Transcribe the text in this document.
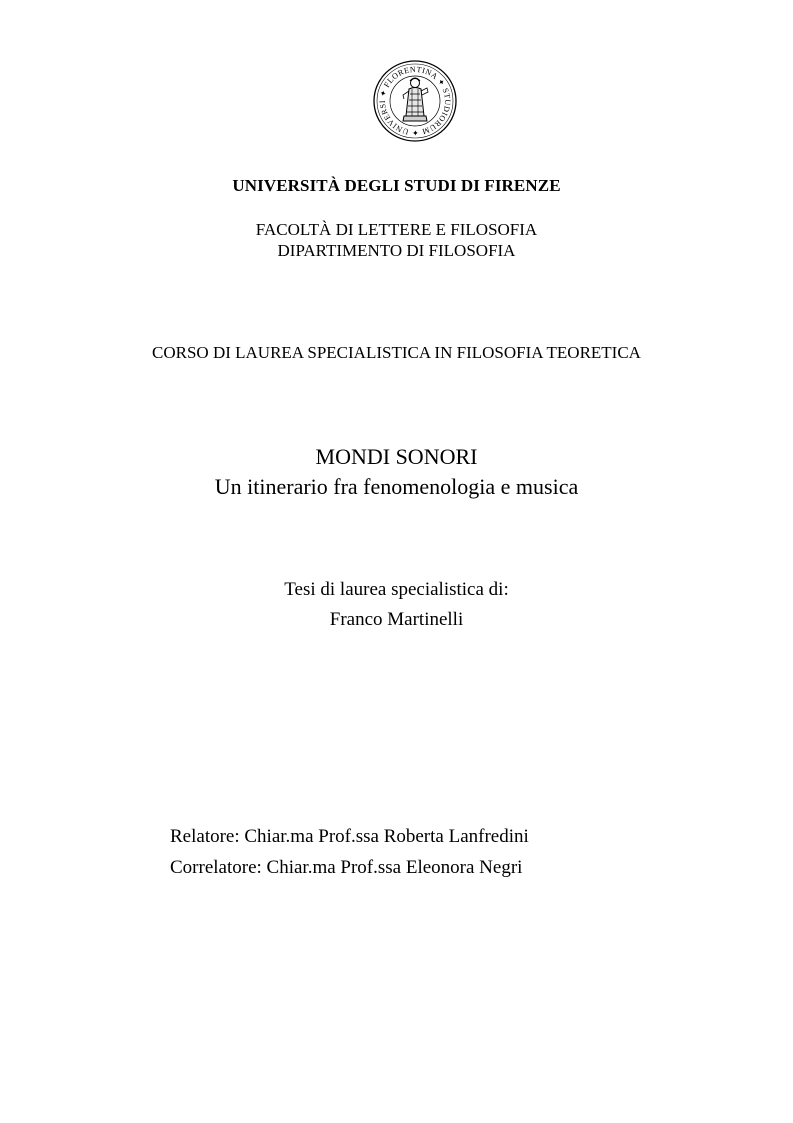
✦ FLORENTINA ✦ STUDIORUM ✦ UNIVERSI
UNIVERSITÀ DEGLI STUDI DI FIRENZE
FACOLTÀ DI LETTERE E FILOSOFIA
DIPARTIMENTO DI FILOSOFIA
CORSO DI LAUREA SPECIALISTICA IN FILOSOFIA TEORETICA
MONDI SONORI
Un itinerario fra fenomenologia e musica
Tesi di laurea specialistica di:
Franco Martinelli
Relatore: Chiar.ma Prof.ssa Roberta Lanfredini
Correlatore: Chiar.ma Prof.ssa Eleonora Negri
